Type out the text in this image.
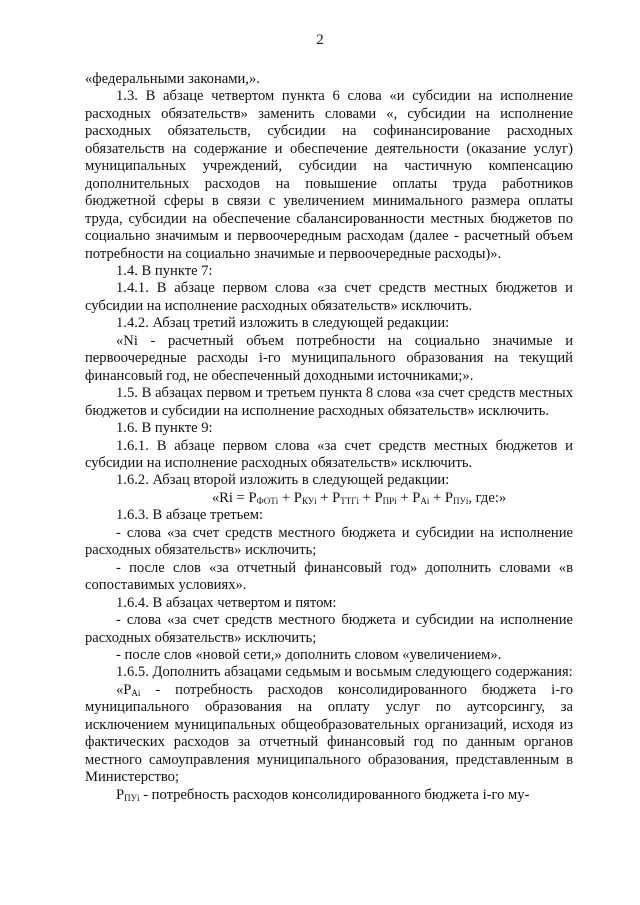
2

«федеральными законами,».

1.3. В абзаце четвертом пункта 6 слова «и субсидии на исполнение расходных обязательств» заменить словами «, субсидии на исполнение расходных обязательств, субсидии на софинансирование расходных обязательств на содержание и обеспечение деятельности (оказание услуг) муниципальных учреждений, субсидии на частичную компенсацию дополнительных расходов на повышение оплаты труда работников бюджетной сферы в связи с увеличением минимального размера оплаты труда, субсидии на обеспечение сбалансированности местных бюджетов по социально значимым и первоочередным расходам (далее - расчетный объем потребности на социально значимые и первоочередные расходы)».

1.4. В пункте 7:

1.4.1. В абзаце первом слова «за счет средств местных бюджетов и субсидии на исполнение расходных обязательств» исключить.

1.4.2. Абзац третий изложить в следующей редакции:

«Ni - расчетный объем потребности на социально значимые и первоочередные расходы i-го муниципального образования на текущий финансовый год, не обеспеченный доходными источниками;».

1.5. В абзацах первом и третьем пункта 8 слова «за счет средств местных бюджетов и субсидии на исполнение расходных обязательств» исключить.

1.6. В пункте 9:

1.6.1. В абзаце первом слова «за счет средств местных бюджетов и субсидии на исполнение расходных обязательств» исключить.

1.6.2. Абзац второй изложить в следующей редакции:

«$Ri = P_{ФОТi} + P_{КУi} + P_{ТТГi} + P_{ПРi} + P_{Ai} + P_{ПУi}$, где:»

1.6.3. В абзаце третьем:

- слова «за счет средств местного бюджета и субсидии на исполнение расходных обязательств» исключить;

- после слов «за отчетный финансовый год» дополнить словами «в сопоставимых условиях».

1.6.4. В абзацах четвертом и пятом:

- слова «за счет средств местного бюджета и субсидии на исполнение расходных обязательств» исключить;

- после слов «новой сети,» дополнить словом «увеличением».

1.6.5. Дополнить абзацами седьмым и восьмым следующего содержания:

«$P_{Ai}$ - потребность расходов консолидированного бюджета i-го муниципального образования на оплату услуг по аутсорсингу, за исключением муниципальных общеобразовательных организаций, исходя из фактических расходов за отчетный финансовый год по данным органов местного самоуправления муниципального образования, представленным в Министерство;

$P_{ПУi}$ - потребность расходов консолидированного бюджета i-го му-
